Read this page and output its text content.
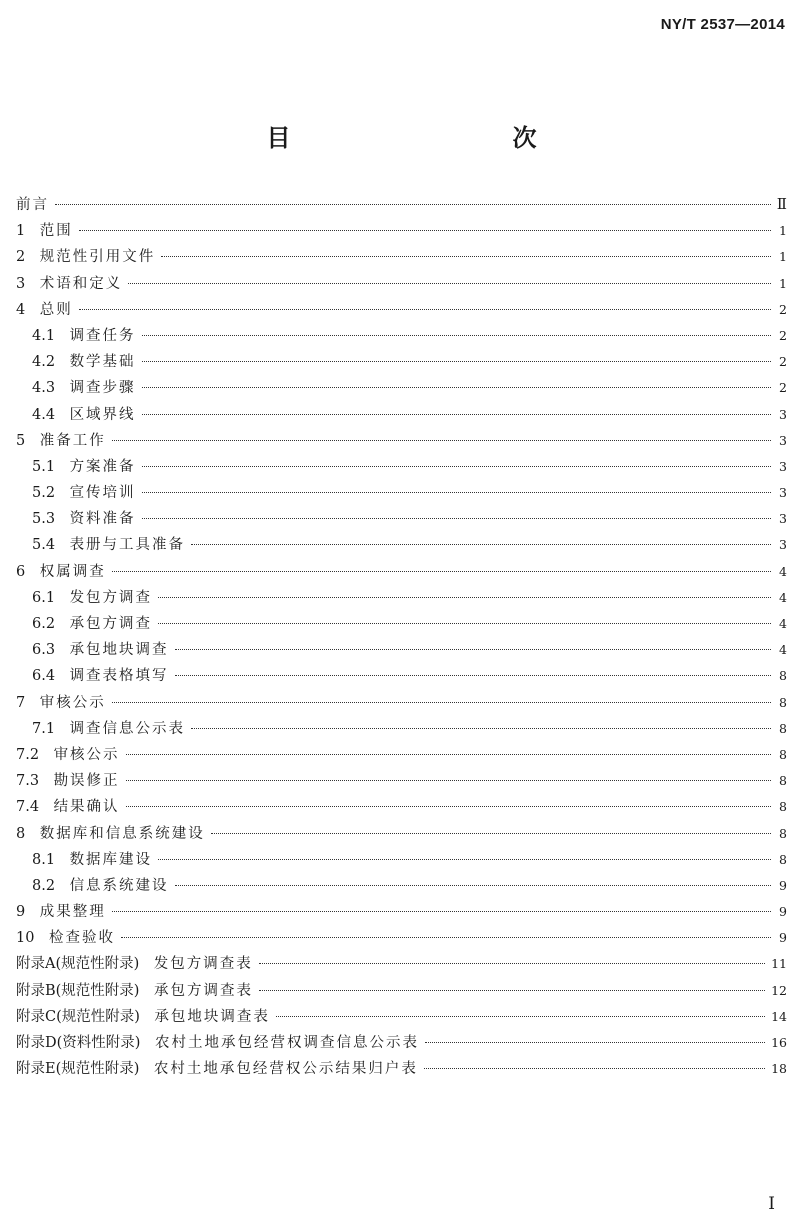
NY/T 2537—2014
目　　次
前言	Ⅱ
1　 范围	1
2　 规范性引用文件	1
3　 术语和定义	1
4　 总则	2
4.1　 调查任务	2
4.2　 数学基础	2
4.3　 调查步骤	2
4.4　 区域界线	3
5　 准备工作	3
5.1　 方案准备	3
5.2　 宣传培训	3
5.3　 资料准备	3
5.4　 表册与工具准备	3
6　 权属调查	4
6.1　 发包方调查	4
6.2　 承包方调查	4
6.3　 承包地块调查	4
6.4　 调查表格填写	8
7　 审核公示	8
7.1　 调查信息公示表	8
7.2　 审核公示	8
7.3　 勘误修正	8
7.4　 结果确认	8
8　 数据库和信息系统建设	8
8.1　 数据库建设	8
8.2　 信息系统建设	9
9　 成果整理	9
10　 检查验收	9
附录A(规范性附录)　 发包方调查表	11
附录B(规范性附录)　 承包方调查表	12
附录C(规范性附录)　 承包地块调查表	14
附录D(资料性附录)　 农村土地承包经营权调查信息公示表	16
附录E(规范性附录)　 农村土地承包经营权公示结果归户表	18
Ⅰ
